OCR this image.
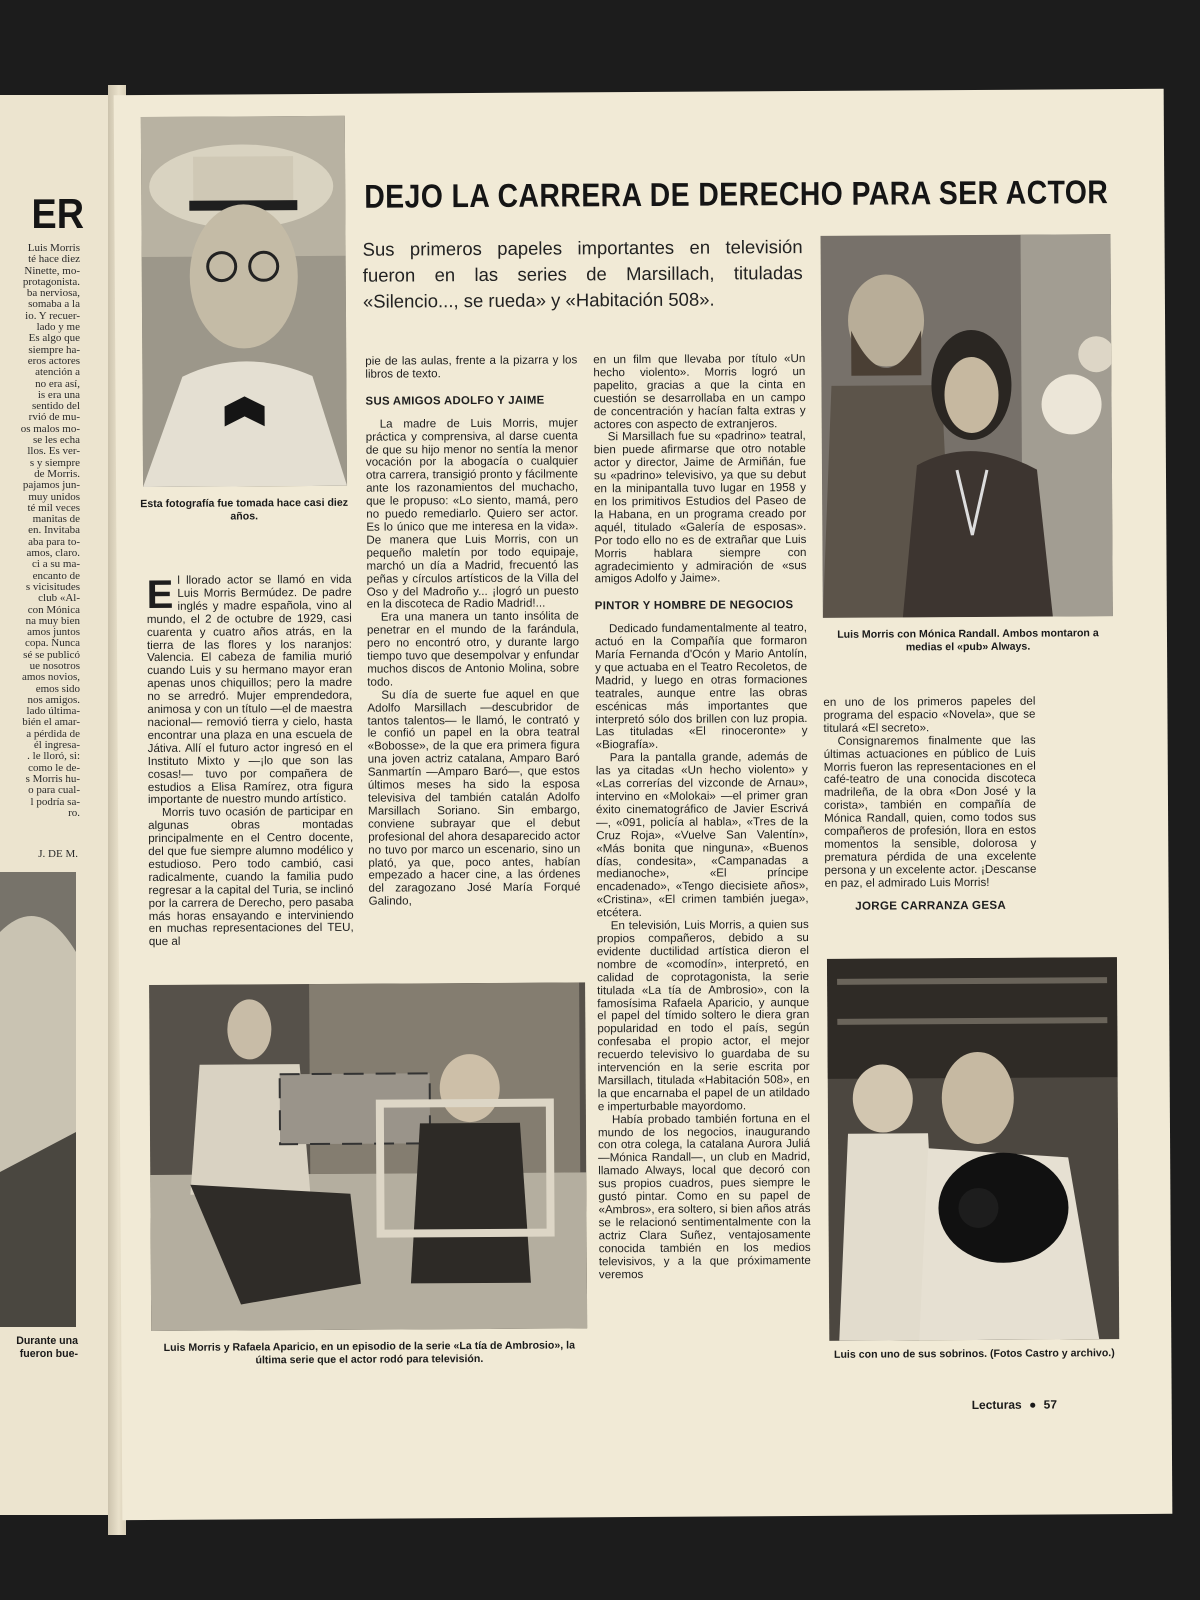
ER
Luis Morris
té hace diez
Ninette, mo-
protagonista.
ba nerviosa,
somaba a la
io. Y recuer-
lado y me
Es algo que
siempre ha-
eros actores
atención a
no era así,
is era una
sentido del
rvió de mu-
os malos mo-
se les echa
llos. Es ver-
s y siempre
de Morris.
pajamos jun-
muy unidos
té mil veces
manitas de
en. Invitaba
aba para to-
amos, claro.
ci a su ma-
encanto de
s vicisitudes
club «Al-
con Mónica
na muy bien
amos juntos
copa. Nunca
sé se publicó
ue nosotros
amos novios,
emos sido
nos amigos.
lado última-
bién el amar-
a pérdida de
él ingresa-
. le lloró, si:
como le de-
s Morris hu-
o para cual-
l podría sa-
ro.
J. DE M.
Durante una
fueron bue-
Esta fotografía fue tomada hace casi diez años.
DEJO LA CARRERA DE DERECHO PARA SER ACTOR
Sus primeros papeles importantes en televisión fueron en las series de Marsillach, tituladas «Silencio..., se rueda» y «Habitación 508».

El llorado actor se llamó en vida Luis Morris Bermúdez. De padre inglés y madre española, vino al mundo, el 2 de octubre de 1929, casi cuarenta y cuatro años atrás, en la tierra de las flores y los naranjos: Valencia. El cabeza de familia murió cuando Luis y su hermano mayor eran apenas unos chiquillos; pero la madre no se arredró. Mujer emprendedora, animosa y con un título —el de maestra nacional— removió tierra y cielo, hasta encontrar una plaza en una escuela de Játiva. Allí el futuro actor ingresó en el Instituto Mixto y —¡lo que son las cosas!— tuvo por compañera de estudios a Elisa Ramírez, otra figura importante de nuestro mundo artístico.

Morris tuvo ocasión de participar en algunas obras montadas principalmente en el Centro docente, del que fue siempre alumno modélico y estudioso. Pero todo cambió, casi radicalmente, cuando la familia pudo regresar a la capital del Turia, se inclinó por la carrera de Derecho, pero pasaba más horas ensayando e interviniendo en muchas representaciones del TEU, que al

pie de las aulas, frente a la pizarra y los libros de texto.

SUS AMIGOS ADOLFO Y JAIME

La madre de Luis Morris, mujer práctica y comprensiva, al darse cuenta de que su hijo menor no sentía la menor vocación por la abogacía o cualquier otra carrera, transigió pronto y fácilmente ante los razonamientos del muchacho, que le propuso: «Lo siento, mamá, pero no puedo remediarlo. Quiero ser actor. Es lo único que me interesa en la vida». De manera que Luis Morris, con un pequeño maletín por todo equipaje, marchó un día a Madrid, frecuentó las peñas y círculos artísticos de la Villa del Oso y del Madroño y... ¡logró un puesto en la discoteca de Radio Madrid!...

Era una manera un tanto insólita de penetrar en el mundo de la farándula, pero no encontró otro, y durante largo tiempo tuvo que desempolvar y enfundar muchos discos de Antonio Molina, sobre todo.

Su día de suerte fue aquel en que Adolfo Marsillach —descubridor de tantos talentos— le llamó, le contrató y le confió un papel en la obra teatral «Bobosse», de la que era primera figura una joven actriz catalana, Amparo Baró Sanmartín —Amparo Baró—, que estos últimos meses ha sido la esposa televisiva del también catalán Adolfo Marsillach Soriano. Sin embargo, conviene subrayar que el debut profesional del ahora desaparecido actor no tuvo por marco un escenario, sino un plató, ya que, poco antes, habían empezado a hacer cine, a las órdenes del zaragozano José María Forqué Galindo,

en un film que llevaba por título «Un hecho violento». Morris logró un papelito, gracias a que la cinta en cuestión se desarrollaba en un campo de concentración y hacían falta extras y actores con aspecto de extranjeros.

Si Marsillach fue su «padrino» teatral, bien puede afirmarse que otro notable actor y director, Jaime de Armiñán, fue su «padrino» televisivo, ya que su debut en la minipantalla tuvo lugar en 1958 y en los primitivos Estudios del Paseo de la Habana, en un programa creado por aquél, titulado «Galería de esposas». Por todo ello no es de extrañar que Luis Morris hablara siempre con agradecimiento y admiración de «sus amigos Adolfo y Jaime».

PINTOR Y HOMBRE DE NEGOCIOS

Dedicado fundamentalmente al teatro, actuó en la Compañía que formaron María Fernanda d'Ocón y Mario Antolín, y que actuaba en el Teatro Recoletos, de Madrid, y luego en otras formaciones teatrales, aunque entre las obras escénicas más importantes que interpretó sólo dos brillen con luz propia. Las tituladas «El rinoceronte» y «Biografía».

Para la pantalla grande, además de las ya citadas «Un hecho violento» y «Las correrías del vizconde de Arnau», intervino en «Molokai» —el primer gran éxito cinematográfico de Javier Escrivá—, «091, policía al habla», «Tres de la Cruz Roja», «Vuelve San Valentín», «Más bonita que ninguna», «Buenos días, condesita», «Campanadas a medianoche», «El príncipe encadenado», «Tengo diecisiete años», «Cristina», «El crimen también juega», etcétera.

En televisión, Luis Morris, a quien sus propios compañeros, debido a su evidente ductilidad artística dieron el nombre de «comodín», interpretó, en calidad de coprotagonista, la serie titulada «La tía de Ambrosio», con la famosísima Rafaela Aparicio, y aunque el papel del tímido soltero le diera gran popularidad en todo el país, según confesaba el propio actor, el mejor recuerdo televisivo lo guardaba de su intervención en la serie escrita por Marsillach, titulada «Habitación 508», en la que encarnaba el papel de un atildado e imperturbable mayordomo.

Había probado también fortuna en el mundo de los negocios, inaugurando con otra colega, la catalana Aurora Juliá —Mónica Randall—, un club en Madrid, llamado Always, local que decoró con sus propios cuadros, pues siempre le gustó pintar. Como en su papel de «Ambros», era soltero, si bien años atrás se le relacionó sentimentalmente con la actriz Clara Suñez, ventajosamente conocida también en los medios televisivos, y a la que próximamente veremos

Luis Morris con Mónica Randall. Ambos montaron a medias el «pub» Always.

en uno de los primeros papeles del programa del espacio «Novela», que se titulará «El secreto».

Consignaremos finalmente que las últimas actuaciones en público de Luis Morris fueron las representaciones en el café-teatro de una conocida discoteca madrileña, de la obra «Don José y la corista», también en compañía de Mónica Randall, quien, como todos sus compañeros de profesión, llora en estos momentos la sensible, dolorosa y prematura pérdida de una excelente persona y un excelente actor. ¡Descanse en paz, el admirado Luis Morris!

JORGE CARRANZA GESA
Luis Morris y Rafaela Aparicio, en un episodio de la serie «La tía de Ambrosio», la última serie que el actor rodó para televisión.	Luis con uno de sus sobrinos. (Fotos Castro y archivo.)
Lecturas ● 57
